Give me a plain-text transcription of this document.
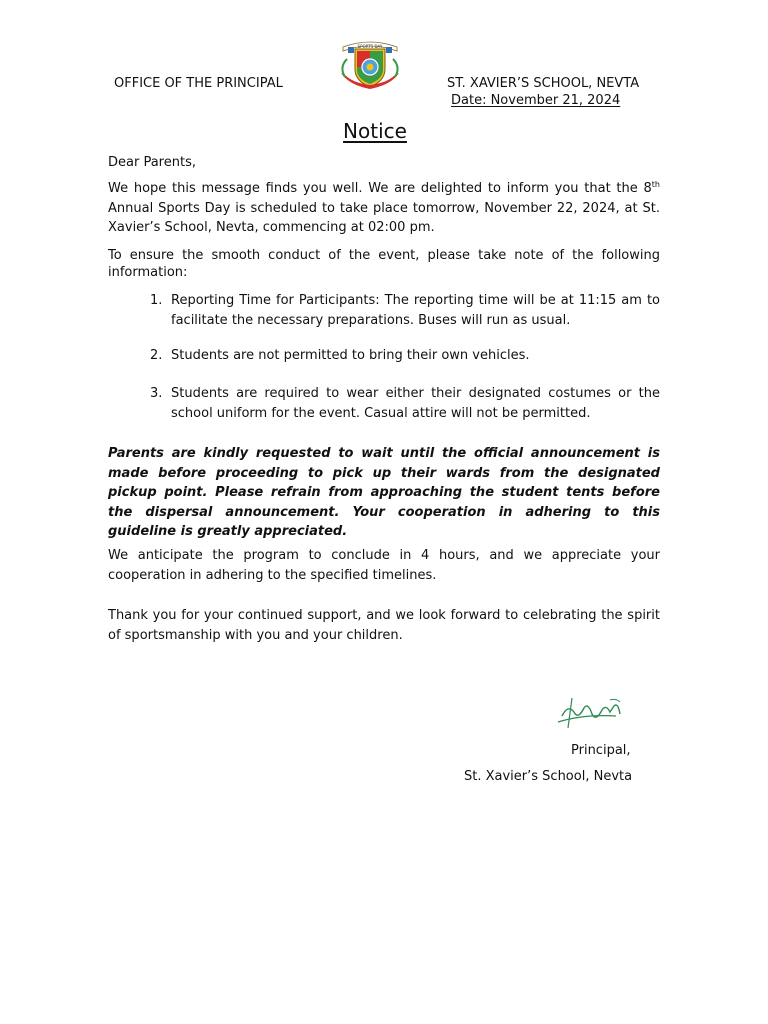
OFFICE OF THE PRINCIPAL
SPORTS DAY
ST. XAVIER’S SCHOOL, NEVTA
Date: November 21, 2024
Notice

Dear Parents,

We hope this message finds you well. We are delighted to inform you that the 8th Annual Sports Day is scheduled to take place tomorrow, November 22, 2024, at St. Xavier’s School, Nevta, commencing at 02:00 pm.

To ensure the smooth conduct of the event, please take note of the following information:

1. Reporting Time for Participants: The reporting time will be at 11:15 am to facilitate the necessary preparations. Buses will run as usual.
2. Students are not permitted to bring their own vehicles.
3. Students are required to wear either their designated costumes or the school uniform for the event. Casual attire will not be permitted.

Parents are kindly requested to wait until the official announcement is made before proceeding to pick up their wards from the designated pickup point. Please refrain from approaching the student tents before the dispersal announcement. Your cooperation in adhering to this guideline is greatly appreciated.

We anticipate the program to conclude in 4 hours, and we appreciate your cooperation in adhering to the specified timelines.

Thank you for your continued support, and we look forward to celebrating the spirit of sportsmanship with you and your children.

Principal,
St. Xavier’s School, Nevta
